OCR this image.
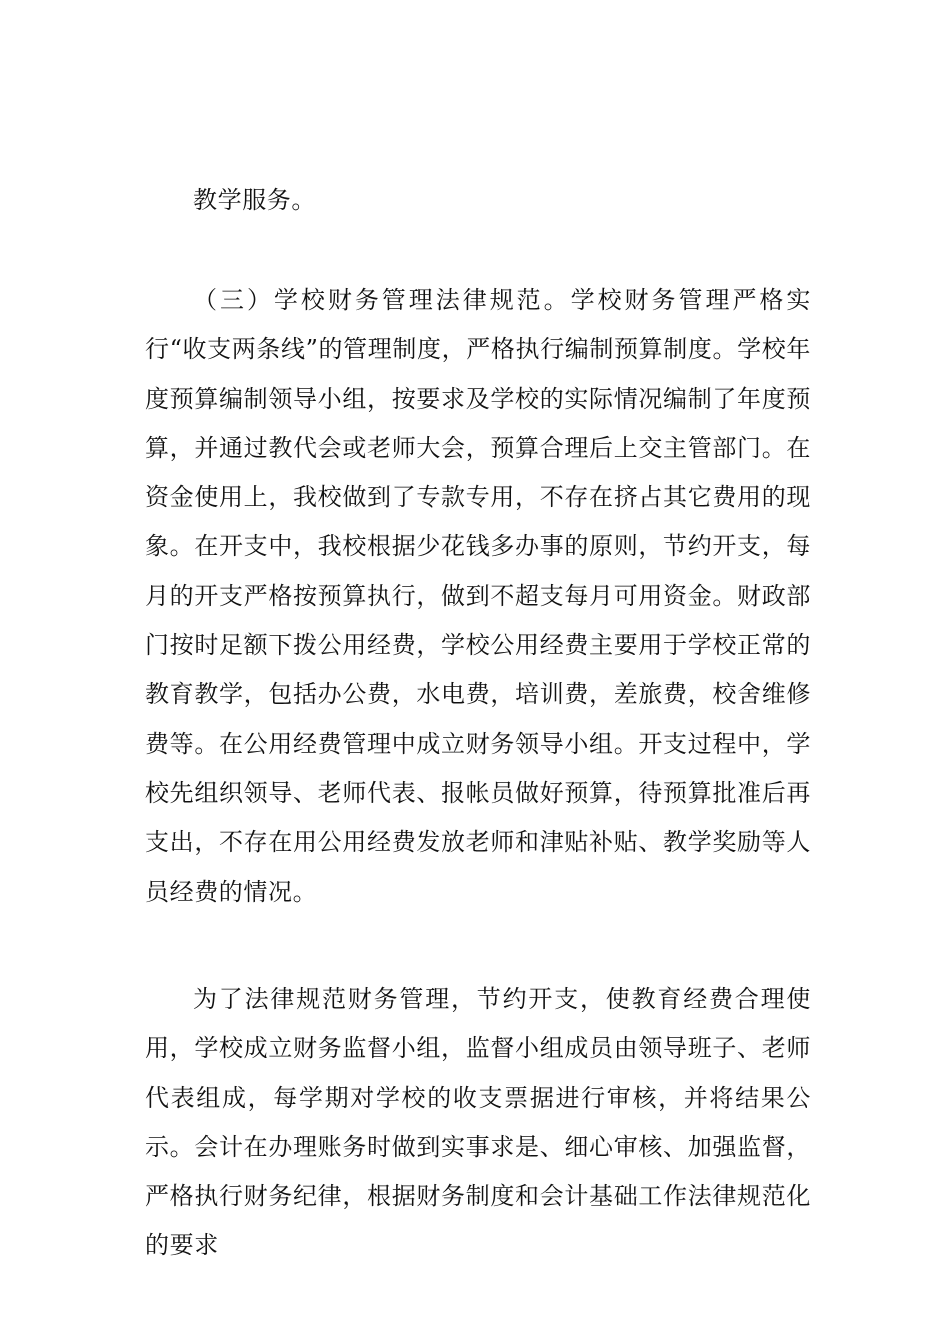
教学服务。

（三）学校财务管理法律规范。学校财务管理严格实行“收支两条线”的管理制度，严格执行编制预算制度。学校年度预算编制领导小组，按要求及学校的实际情况编制了年度预算，并通过教代会或老师大会，预算合理后上交主管部门。在资金使用上，我校做到了专款专用，不存在挤占其它费用的现象。在开支中，我校根据少花钱多办事的原则，节约开支，每月的开支严格按预算执行，做到不超支每月可用资金。财政部门按时足额下拨公用经费，学校公用经费主要用于学校正常的教育教学，包括办公费，水电费，培训费，差旅费，校舍维修费等。在公用经费管理中成立财务领导小组。开支过程中，学校先组织领导、老师代表、报帐员做好预算，待预算批准后再支出，不存在用公用经费发放老师和津贴补贴、教学奖励等人员经费的情况。

为了法律规范财务管理，节约开支，使教育经费合理使用，学校成立财务监督小组，监督小组成员由领导班子、老师代表组成，每学期对学校的收支票据进行审核，并将结果公示。会计在办理账务时做到实事求是、细心审核、加强监督，严格执行财务纪律，根据财务制度和会计基础工作法律规范化的要求
